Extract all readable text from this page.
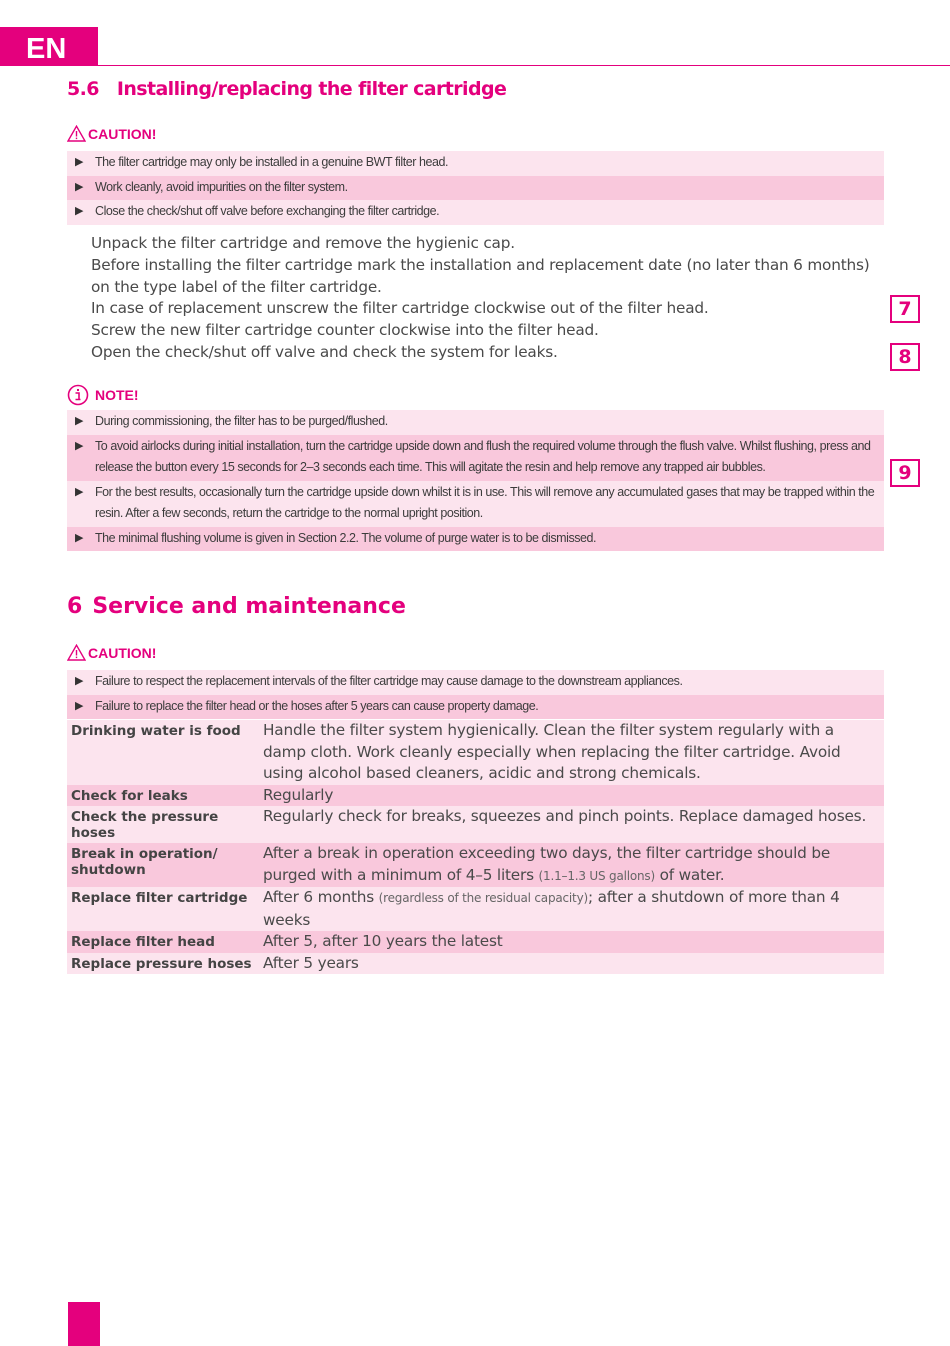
EN
5.6 Installing/replacing the filter cartridge
CAUTION!
▶ The filter cartridge may only be installed in a genuine BWT filter head.
▶ Work cleanly, avoid impurities on the filter system.
▶ Close the check/shut off valve before exchanging the filter cartridge.
Unpack the filter cartridge and remove the hygienic cap.
Before installing the filter cartridge mark the installation and replacement date (no later than 6 months) on the type label of the filter cartridge.
In case of replacement unscrew the filter cartridge clockwise out of the filter head.
Screw the new filter cartridge counter clockwise into the filter head.
Open the check/shut off valve and check the system for leaks.
7
8
9
NOTE!
▶ During commissioning, the filter has to be purged/flushed.
▶ To avoid airlocks during initial installation, turn the cartridge upside down and flush the required volume through the flush valve. Whilst flushing, press and release the button every 15 seconds for 2–3 seconds each time. This will agitate the resin and help remove any trapped air bubbles.
▶ For the best results, occasionally turn the cartridge upside down whilst it is in use. This will remove any accumulated gases that may be trapped within the resin. After a few seconds, return the cartridge to the normal upright position.
▶ The minimal flushing volume is given in Section 2.2. The volume of purge water is to be dismissed.
6 Service and maintenance
CAUTION!
▶ Failure to respect the replacement intervals of the filter cartridge may cause damage to the downstream appliances.
▶ Failure to replace the filter head or the hoses after 5 years can cause property damage.
Drinking water is food	Handle the filter system hygienically. Clean the filter system regularly with a damp cloth. Work cleanly especially when replacing the filter cartridge. Avoid using alcohol based cleaners, acidic and strong chemicals.
Check for leaks	Regularly
Check the pressure hoses	Regularly check for breaks, squeezes and pinch points. Replace damaged hoses.
Break in operation/ shutdown	After a break in operation exceeding two days, the filter cartridge should be purged with a minimum of 4–5 liters (1.1–1.3 US gallons) of water.
Replace filter cartridge	After 6 months (regardless of the residual capacity); after a shutdown of more than 4 weeks
Replace filter head	After 5, after 10 years the latest
Replace pressure hoses	After 5 years
